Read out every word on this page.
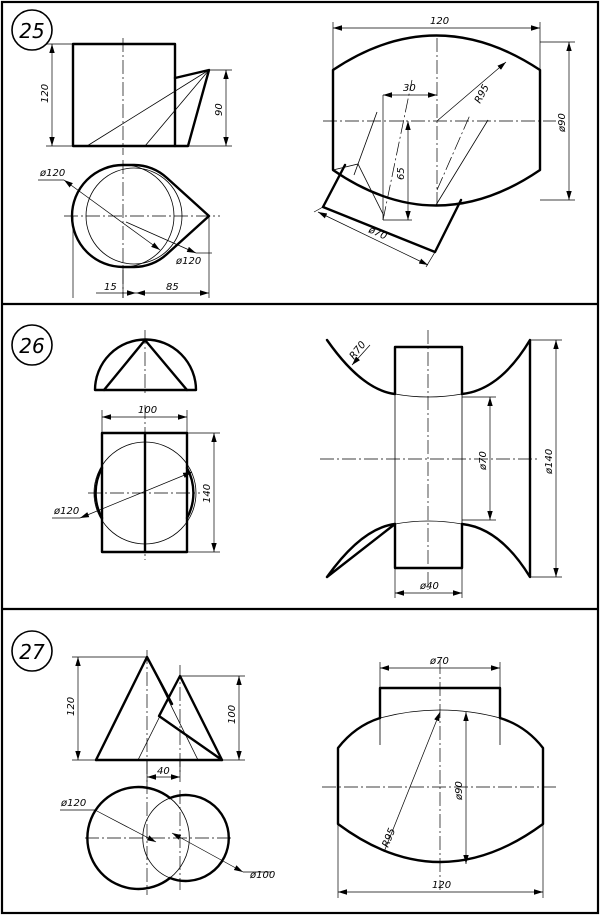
25
120
90
ø120
ø120
15	85
120
30
65
R95
ø90
ø70
26
100
140
ø120
R70
ø70	ø140
ø40
27
120	100
40
ø120
ø100
ø70
ø90
R95
120
